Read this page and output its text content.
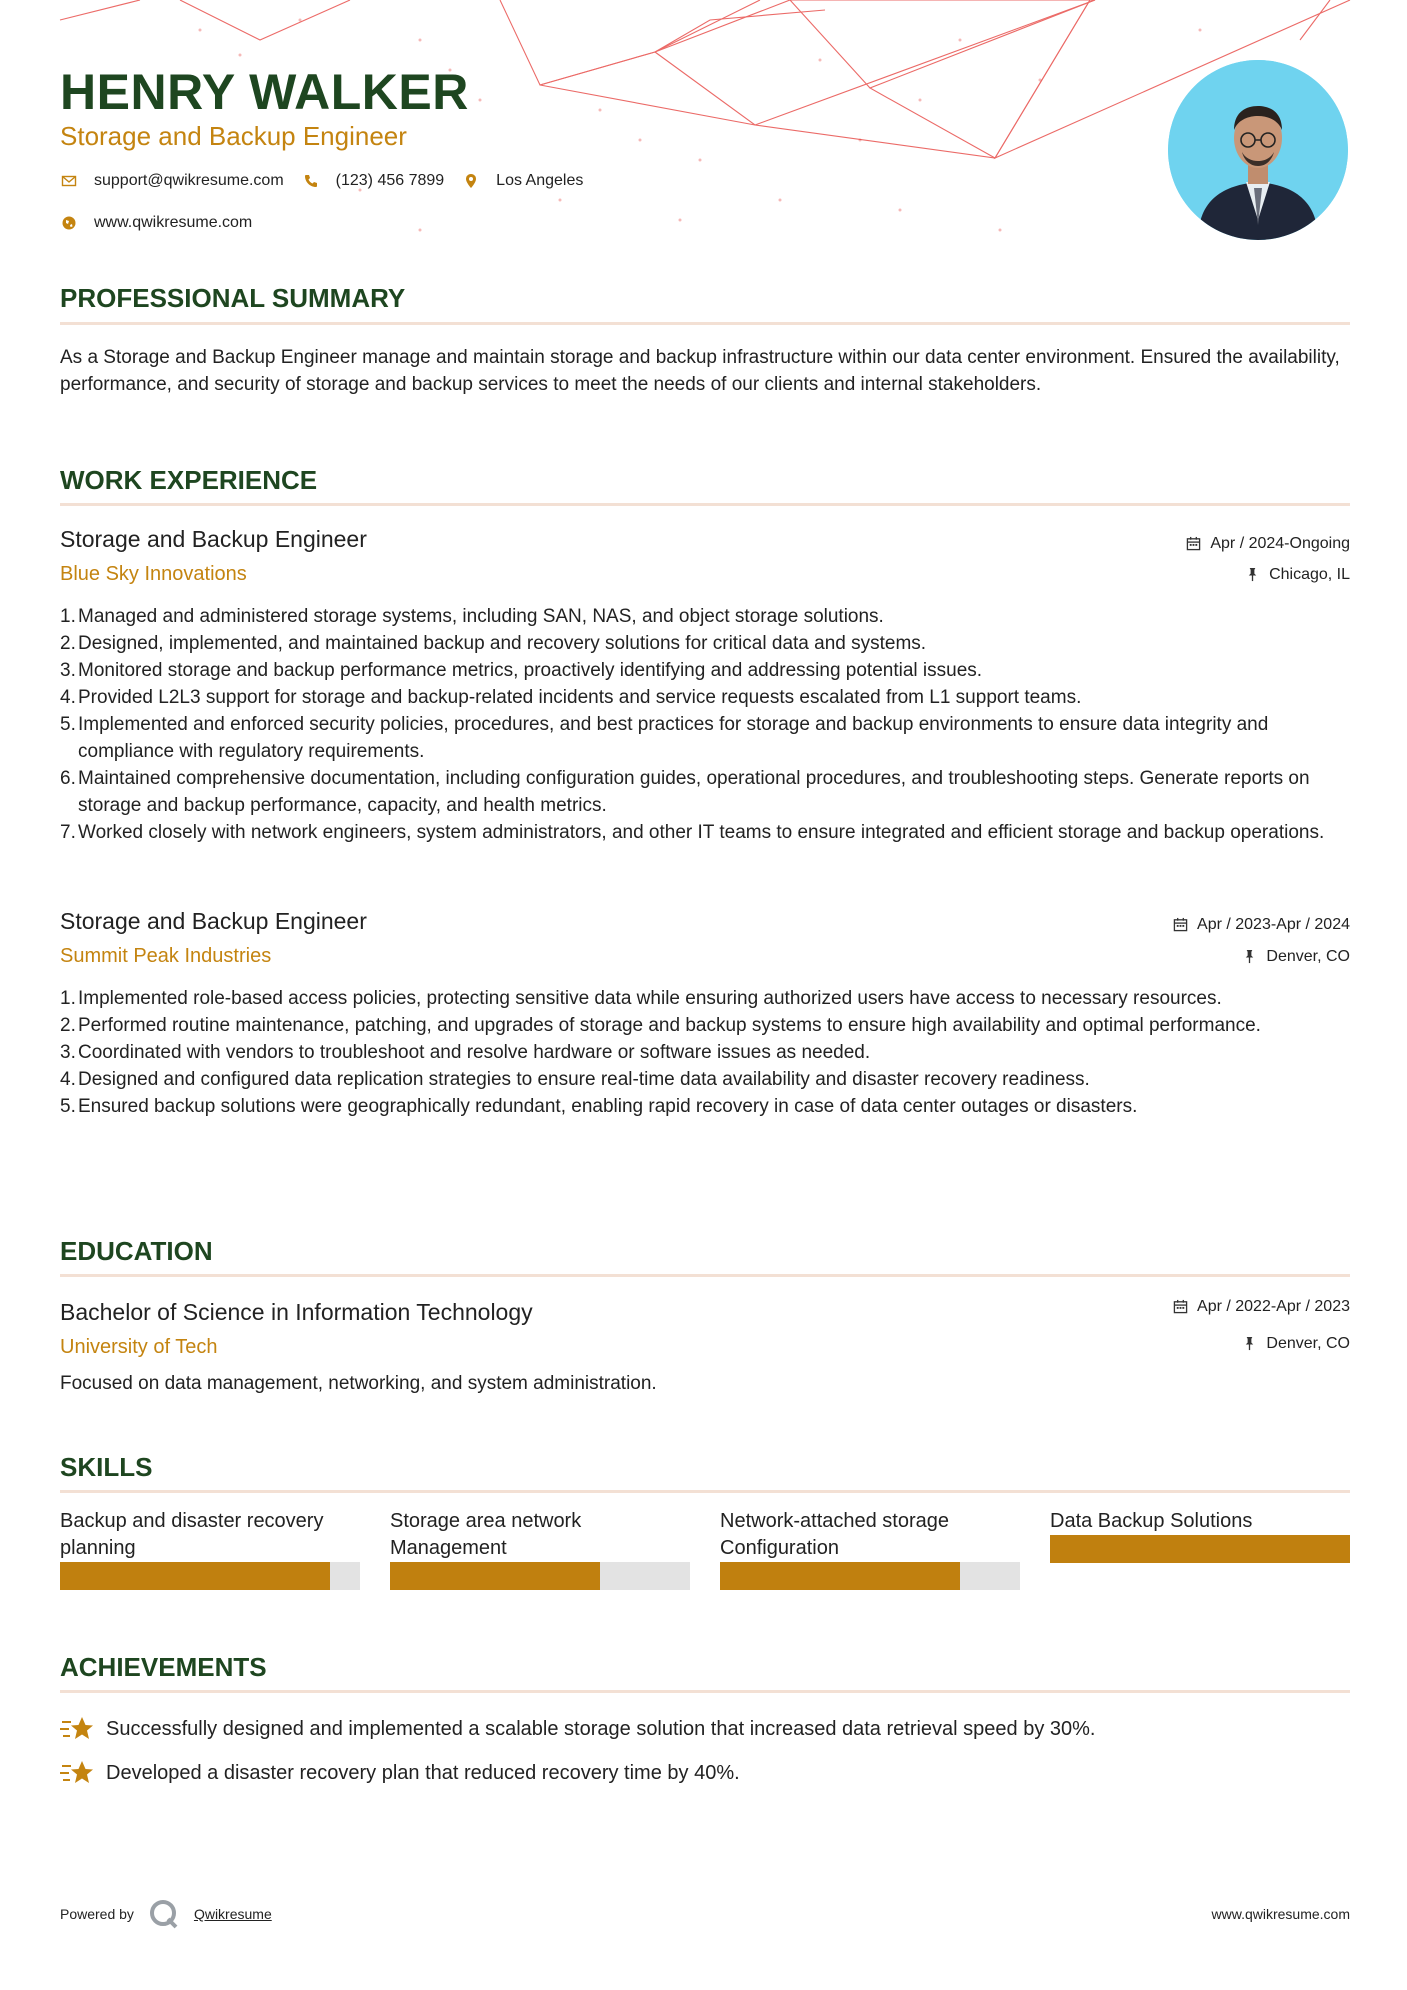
HENRY WALKER
Storage and Backup Engineer
support@qwikresume.com	(123) 456 7899	Los Angeles
www.qwikresume.com
PROFESSIONAL SUMMARY
As a Storage and Backup Engineer manage and maintain storage and backup infrastructure within our data center environment. Ensured the availability, performance, and security of storage and backup services to meet the needs of our clients and internal stakeholders.
WORK EXPERIENCE
Storage and Backup Engineer
Blue Sky Innovations
Apr / 2024-Ongoing
Chicago, IL
Managed and administered storage systems, including SAN, NAS, and object storage solutions.
Designed, implemented, and maintained backup and recovery solutions for critical data and systems.
Monitored storage and backup performance metrics, proactively identifying and addressing potential issues.
Provided L2L3 support for storage and backup-related incidents and service requests escalated from L1 support teams.
Implemented and enforced security policies, procedures, and best practices for storage and backup environments to ensure data integrity and compliance with regulatory requirements.
Maintained comprehensive documentation, including configuration guides, operational procedures, and troubleshooting steps. Generate reports on storage and backup performance, capacity, and health metrics.
Worked closely with network engineers, system administrators, and other IT teams to ensure integrated and efficient storage and backup operations.
Storage and Backup Engineer
Summit Peak Industries
Apr / 2023-Apr / 2024
Denver, CO
Implemented role-based access policies, protecting sensitive data while ensuring authorized users have access to necessary resources.
Performed routine maintenance, patching, and upgrades of storage and backup systems to ensure high availability and optimal performance.
Coordinated with vendors to troubleshoot and resolve hardware or software issues as needed.
Designed and configured data replication strategies to ensure real-time data availability and disaster recovery readiness.
Ensured backup solutions were geographically redundant, enabling rapid recovery in case of data center outages or disasters.
EDUCATION
Bachelor of Science in Information Technology
University of Tech
Apr / 2022-Apr / 2023
Denver, CO
Focused on data management, networking, and system administration.
SKILLS
Backup and disaster recovery planning
Storage area network Management
Network-attached storage Configuration
Data Backup Solutions
ACHIEVEMENTS
Successfully designed and implemented a scalable storage solution that increased data retrieval speed by 30%.
Developed a disaster recovery plan that reduced recovery time by 40%.
Powered by	Qwikresume	www.qwikresume.com
